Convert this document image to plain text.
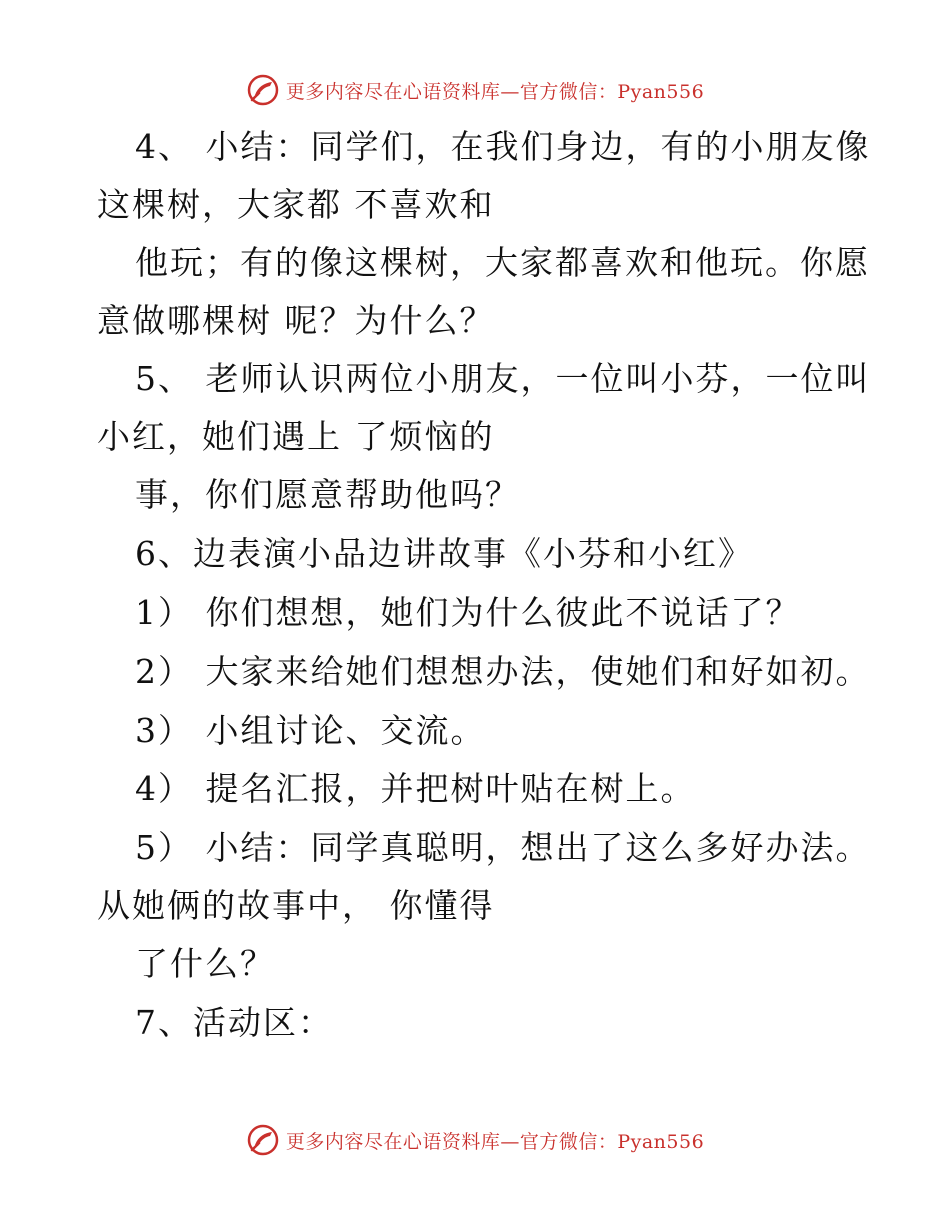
更多内容尽在心语资料库—官方微信：Pyan556
4、 小结：同学们，在我们身边，有的小朋友像
这棵树，大家都 不喜欢和
他玩；有的像这棵树，大家都喜欢和他玩。你愿
意做哪棵树 呢？为什么？
5、 老师认识两位小朋友，一位叫小芬，一位叫
小红，她们遇上 了烦恼的
事，你们愿意帮助他吗？
6、边表演小品边讲故事《小芬和小红》
1） 你们想想，她们为什么彼此不说话了？
2） 大家来给她们想想办法，使她们和好如初。
3） 小组讨论、交流。
4） 提名汇报，并把树叶贴在树上。
5） 小结：同学真聪明，想出了这么多好办法。
从她俩的故事中， 你懂得
了什么？
7、活动区：
更多内容尽在心语资料库—官方微信：Pyan556
